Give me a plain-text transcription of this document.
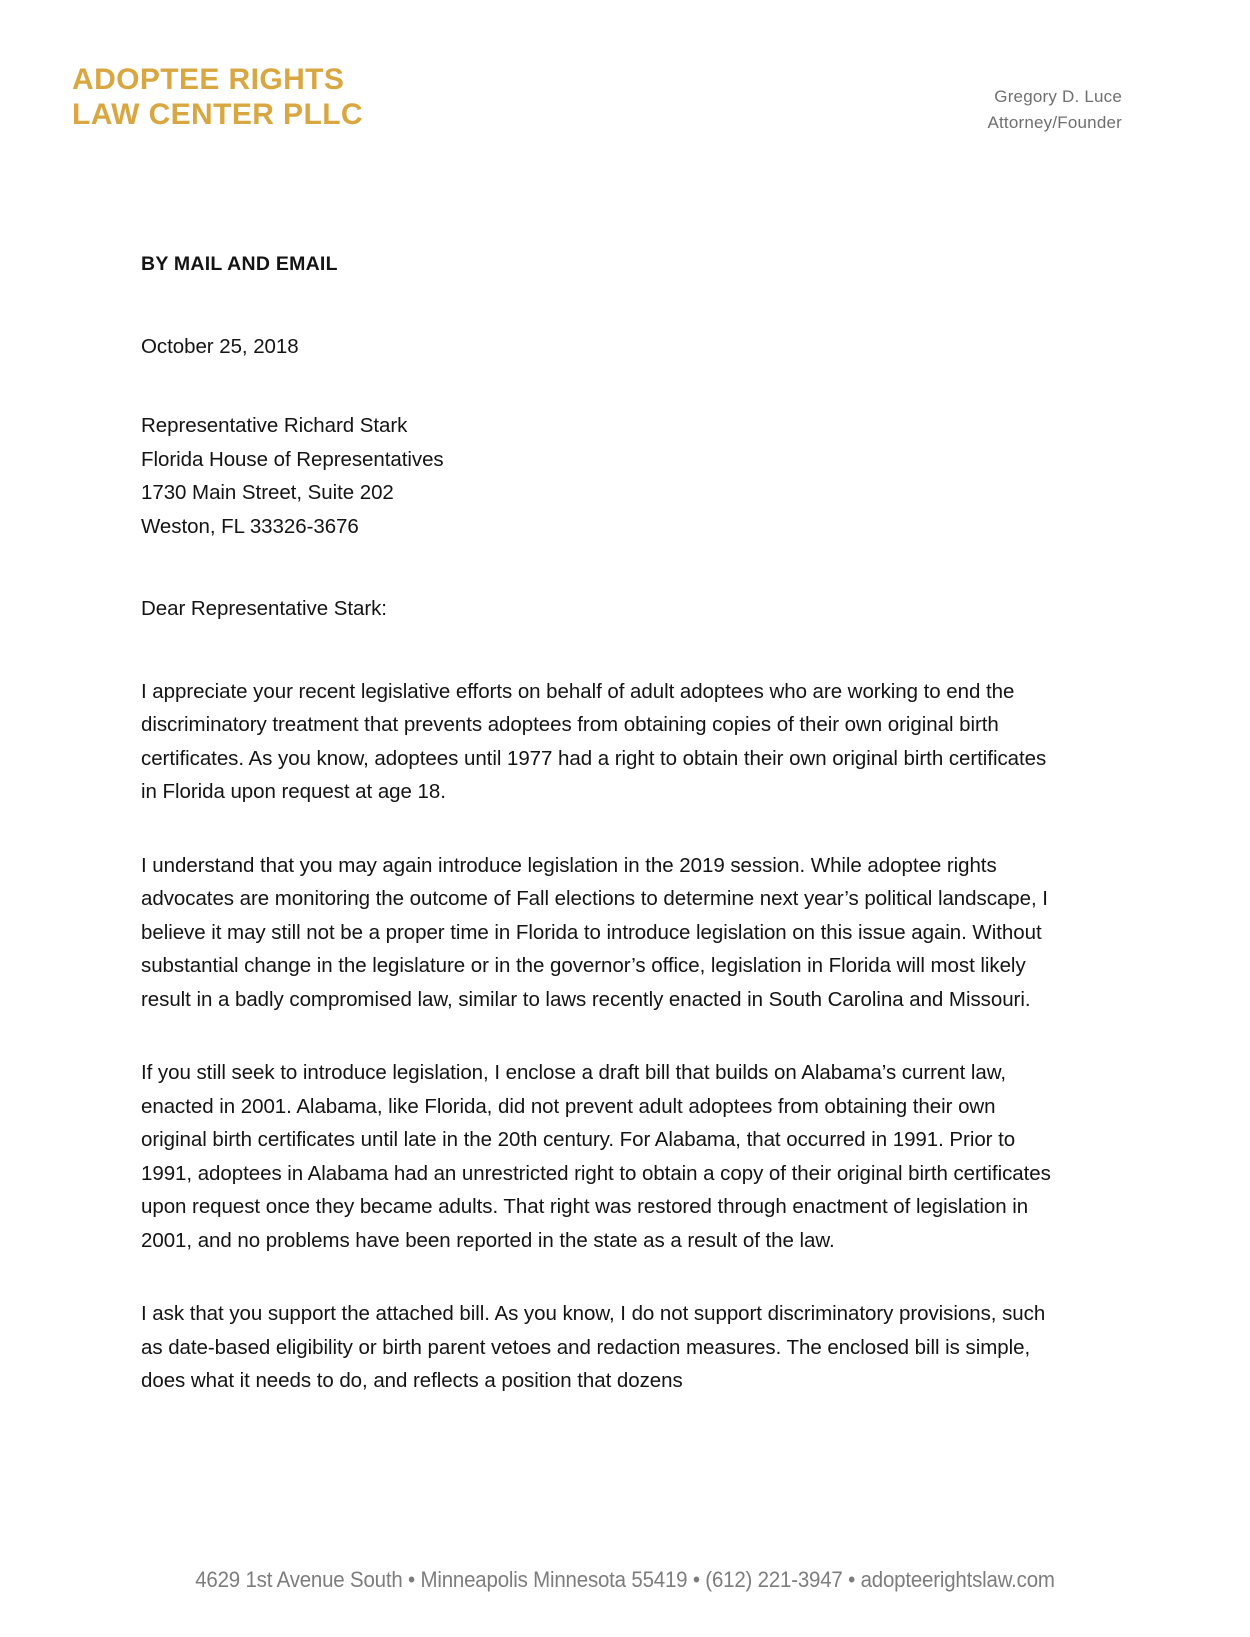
ADOPTEE RIGHTS
LAW CENTER PLLC
Gregory D. Luce
Attorney/Founder

BY MAIL AND EMAIL

October 25, 2018

Representative Richard Stark
Florida House of Representatives
1730 Main Street, Suite 202
Weston, FL 33326-3676

Dear Representative Stark:

I appreciate your recent legislative efforts on behalf of adult adoptees who are working to end the discriminatory treatment that prevents adoptees from obtaining copies of their own original birth certificates. As you know, adoptees until 1977 had a right to obtain their own original birth certificates in Florida upon request at age 18.

I understand that you may again introduce legislation in the 2019 session. While adoptee rights advocates are monitoring the outcome of Fall elections to determine next year’s political landscape, I believe it may still not be a proper time in Florida to introduce legislation on this issue again. Without substantial change in the legislature or in the governor’s office, legislation in Florida will most likely result in a badly compromised law, similar to laws recently enacted in South Carolina and Missouri.

If you still seek to introduce legislation, I enclose a draft bill that builds on Alabama’s current law, enacted in 2001. Alabama, like Florida, did not prevent adult adoptees from obtaining their own original birth certificates until late in the 20th century. For Alabama, that occurred in 1991. Prior to 1991, adoptees in Alabama had an unrestricted right to obtain a copy of their original birth certificates upon request once they became adults. That right was restored through enactment of legislation in 2001, and no problems have been reported in the state as a result of the law.

I ask that you support the attached bill. As you know, I do not support discriminatory provisions, such as date-based eligibility or birth parent vetoes and redaction measures. The enclosed bill is simple, does what it needs to do, and reflects a position that dozens

4629 1st Avenue South • Minneapolis Minnesota 55419 • (612) 221-3947 • adopteerightslaw.com
